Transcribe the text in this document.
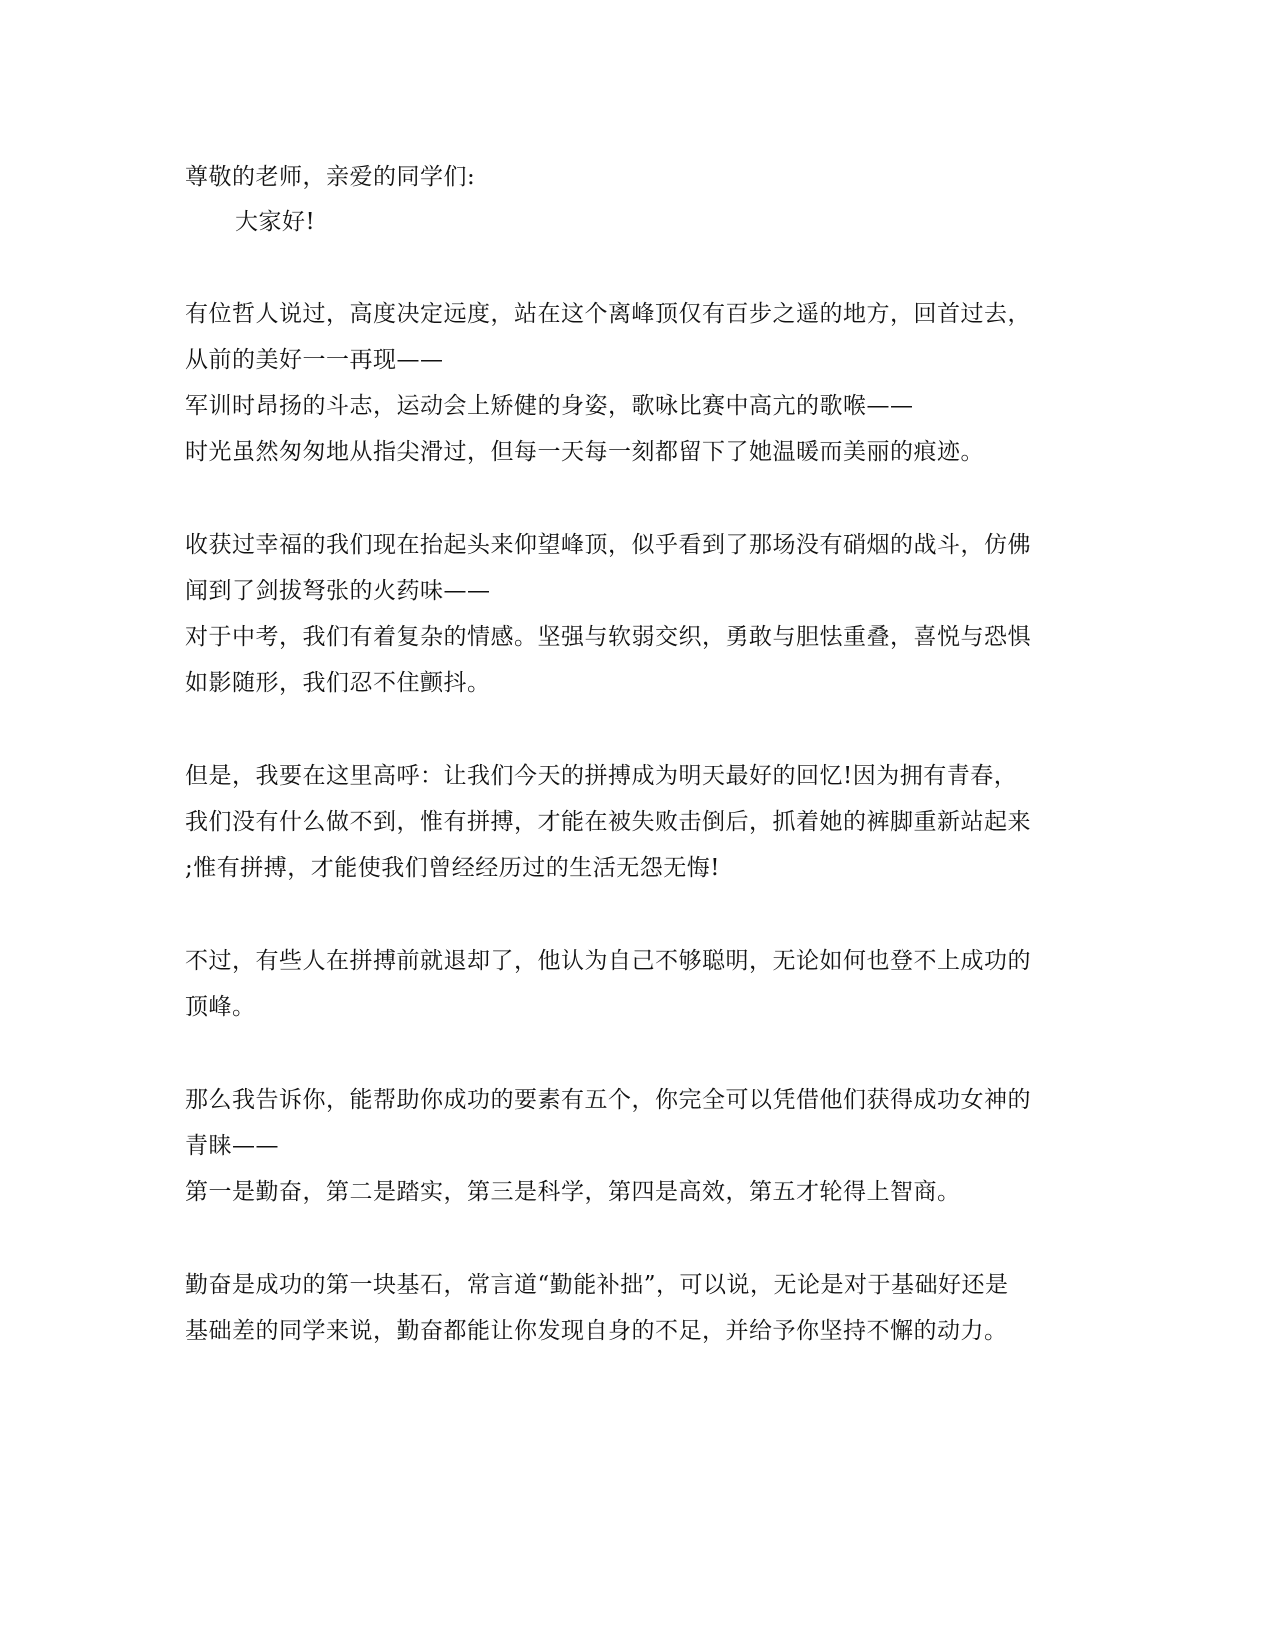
尊敬的老师，亲爱的同学们:
大家好!
有位哲人说过，高度决定远度，站在这个离峰顶仅有百步之遥的地方，回首过去，
从前的美好一一再现——
军训时昂扬的斗志，运动会上矫健的身姿，歌咏比赛中高亢的歌喉——
时光虽然匆匆地从指尖滑过，但每一天每一刻都留下了她温暖而美丽的痕迹。
收获过幸福的我们现在抬起头来仰望峰顶，似乎看到了那场没有硝烟的战斗，仿佛
闻到了剑拔弩张的火药味——
对于中考，我们有着复杂的情感。坚强与软弱交织，勇敢与胆怯重叠，喜悦与恐惧
如影随形，我们忍不住颤抖。
但是，我要在这里高呼：让我们今天的拼搏成为明天最好的回忆!因为拥有青春，
我们没有什么做不到，惟有拼搏，才能在被失败击倒后，抓着她的裤脚重新站起来
;惟有拼搏，才能使我们曾经经历过的生活无怨无悔!
不过，有些人在拼搏前就退却了，他认为自己不够聪明，无论如何也登不上成功的
顶峰。
那么我告诉你，能帮助你成功的要素有五个，你完全可以凭借他们获得成功女神的
青睐——
第一是勤奋，第二是踏实，第三是科学，第四是高效，第五才轮得上智商。
勤奋是成功的第一块基石，常言道“勤能补拙”，可以说，无论是对于基础好还是
基础差的同学来说，勤奋都能让你发现自身的不足，并给予你坚持不懈的动力。
